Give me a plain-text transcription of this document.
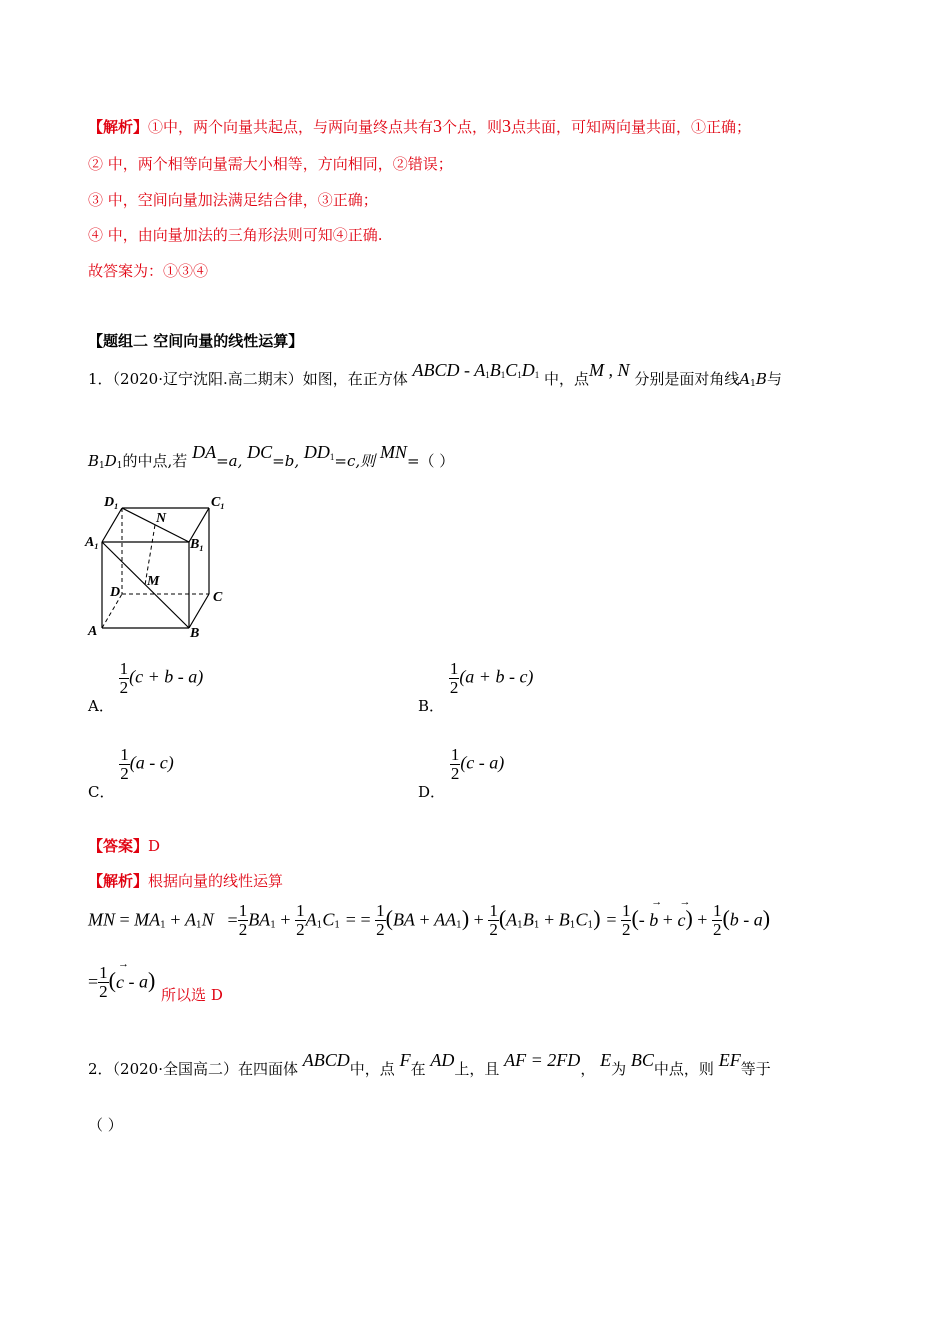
【解析】①中，两个向量共起点，与两向量终点共有3个点，则3点共面，可知两向量共面，①正确；
② 中，两个相等向量需大小相等，方向相同，②错误；
③ 中，空间向量加法满足结合律，③正确；
④ 中，由向量加法的三角形法则可知④正确.
故答案为：①③④
【题组二 空间向量的线性运算】
1．（2020·辽宁沈阳.高二期末）如图，在正方体 ABCD - $A_1B_1C_1D_1$ 中，点M , N 分别是面对角线$A_1B$与
$B_1D_1$的中点,若 DA=a, DC=b, $DD_1=c$,则 MN=（ ）
$D_1$
N
$C_1$
$A_1$	$B_1$
M
D	C
A	B
A．
$\frac{1}{2} (c + b - a)$
B．
$\frac{1}{2} (a + b - c)$
C．
$\frac{1}{2} (a - c)$
D．
$\frac{1}{2} (c - a)$
【答案】D
【解析】根据向量的线性运算
MN = $MA_1 + A_1N = \frac{1}{2} BA_1 + \frac{1}{2} A_1C_1$ = = $\frac{1}{2} (BA + AA_1) + \frac{1}{2} (A_1B_1 + B_1C_1) = \frac{1}{2}$ (- → b + → $c) + \frac{1}{2} (b - a)$
= $\frac{1}{2}$ (→ c - a) $_{所以选 D}$
2．（2020·全国高二）在四面体 ABCD中，点 F在 AD上，且 AF = 2FD， E为 BC中点，则 EF等于
（ ）
